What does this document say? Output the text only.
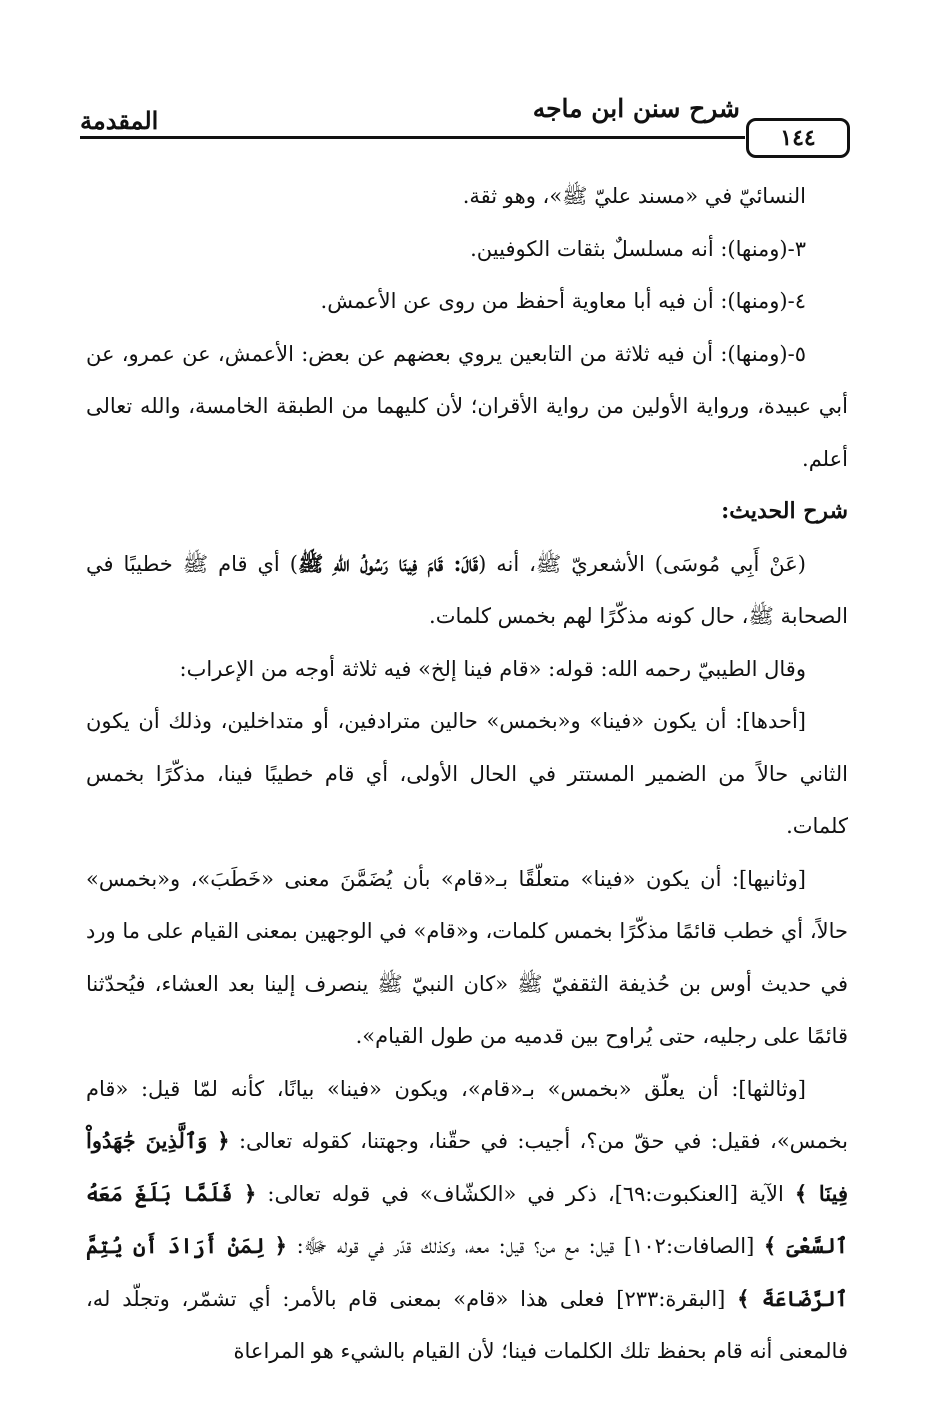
١٤٤
شرح سنن ابن ماجه
المقدمة

النسائيّ في «مسند عليّ ﷺ»، وهو ثقة.

٣-(ومنها): أنه مسلسلٌ بثقات الكوفيين.

٤-(ومنها): أن فيه أبا معاوية أحفظ من روى عن الأعمش.

٥-(ومنها): أن فيه ثلاثة من التابعين يروي بعضهم عن بعض: الأعمش، عن عمرو، عن أبي عبيدة، ورواية الأولين من رواية الأقران؛ لأن كليهما من الطبقة الخامسة، والله تعالى أعلم.

شرح الحديث:

(عَنْ أَبِي مُوسَى) الأشعريّ ﷺ، أنه (قَالَ: قَامَ فِينَا رَسُولُ اللهِ ﷺ) أي قام ﷺ خطيبًا في الصحابة ﷺ، حال كونه مذكّرًا لهم بخمس كلمات.

وقال الطيبيّ رحمه الله: قوله: «قام فينا إلخ» فيه ثلاثة أوجه من الإعراب:

[أحدها]: أن يكون «فينا» و«بخمس» حالين مترادفين، أو متداخلين، وذلك أن يكون الثاني حالاً من الضمير المستتر في الحال الأولى، أي قام خطيبًا فينا، مذكّرًا بخمس كلمات.

[وثانيها]: أن يكون «فينا» متعلّقًا بـ«قام» بأن يُضَمَّنَ معنى «خَطَبَ»، و«بخمس» حالاً، أي خطب قائمًا مذكّرًا بخمس كلمات، و«قام» في الوجهين بمعنى القيام على ما ورد في حديث أوس بن حُذيفة الثقفيّ ﷺ «كان النبيّ ﷺ ينصرف إلينا بعد العشاء، فيُحدّثنا قائمًا على رجليه، حتى يُراوح بين قدميه من طول القيام».

[وثالثها]: أن يعلّق «بخمس» بـ«قام»، ويكون «فينا» بيانًا، كأنه لمّا قيل: «قام بخمس»، فقيل: في حقّ من؟، أجيب: في حقّنا، وجهتنا، كقوله تعالى: ﴿ وَٱلَّذِينَ جَٰهَدُواْ فِينَا ﴾ الآية [العنكبوت:٦٩]، ذكر في «الكشّاف» في قوله تعالى: ﴿ فَلَمَّا بَلَغَ مَعَهُ ٱلسَّعْىَ ﴾ [الصافات:١٠٢] قيل: مع من؟ قيل: معه، وكذلك قدّر في قوله ﷻ: ﴿ لِمَنْ أَرَادَ أَن يُتِمَّ ٱلرَّضَاعَةَ ﴾ [البقرة:٢٣٣] فعلى هذا «قام» بمعنى قام بالأمر: أي تشمّر، وتجلّد له، فالمعنى أنه قام بحفظ تلك الكلمات فينا؛ لأن القيام بالشيء هو المراعاة
